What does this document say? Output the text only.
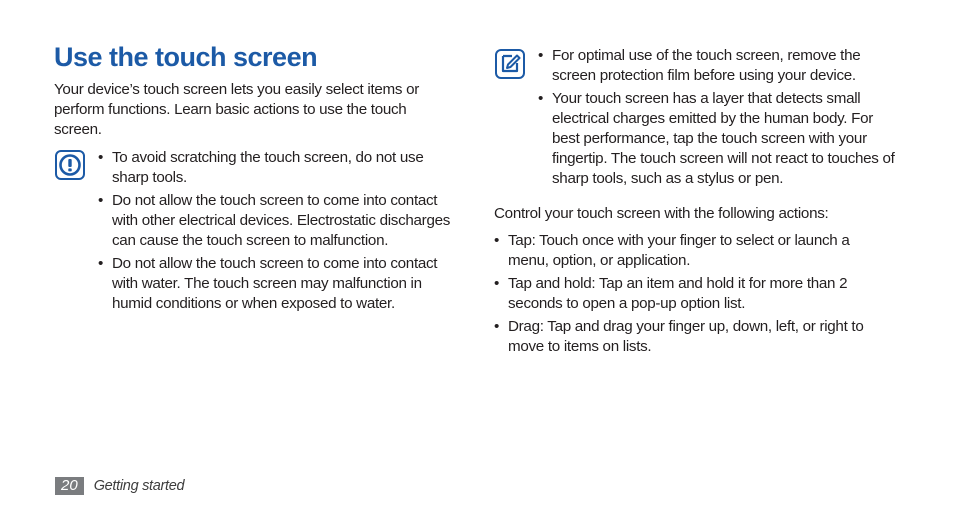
Use the touch screen

Your device’s touch screen lets you easily select items or perform functions. Learn basic actions to use the touch screen.

• To avoid scratching the touch screen, do not use sharp tools.
• Do not allow the touch screen to come into contact with other electrical devices. Electrostatic discharges can cause the touch screen to malfunction.
• Do not allow the touch screen to come into contact with water. The touch screen may malfunction in humid conditions or when exposed to water.
• For optimal use of the touch screen, remove the screen protection film before using your device.
• Your touch screen has a layer that detects small electrical charges emitted by the human body. For best performance, tap the touch screen with your fingertip. The touch screen will not react to touches of sharp tools, such as a stylus or pen.

Control your touch screen with the following actions:

• Tap: Touch once with your finger to select or launch a menu, option, or application.
• Tap and hold: Tap an item and hold it for more than 2 seconds to open a pop-up option list.
• Drag: Tap and drag your finger up, down, left, or right to move to items on lists.
20	Getting started
